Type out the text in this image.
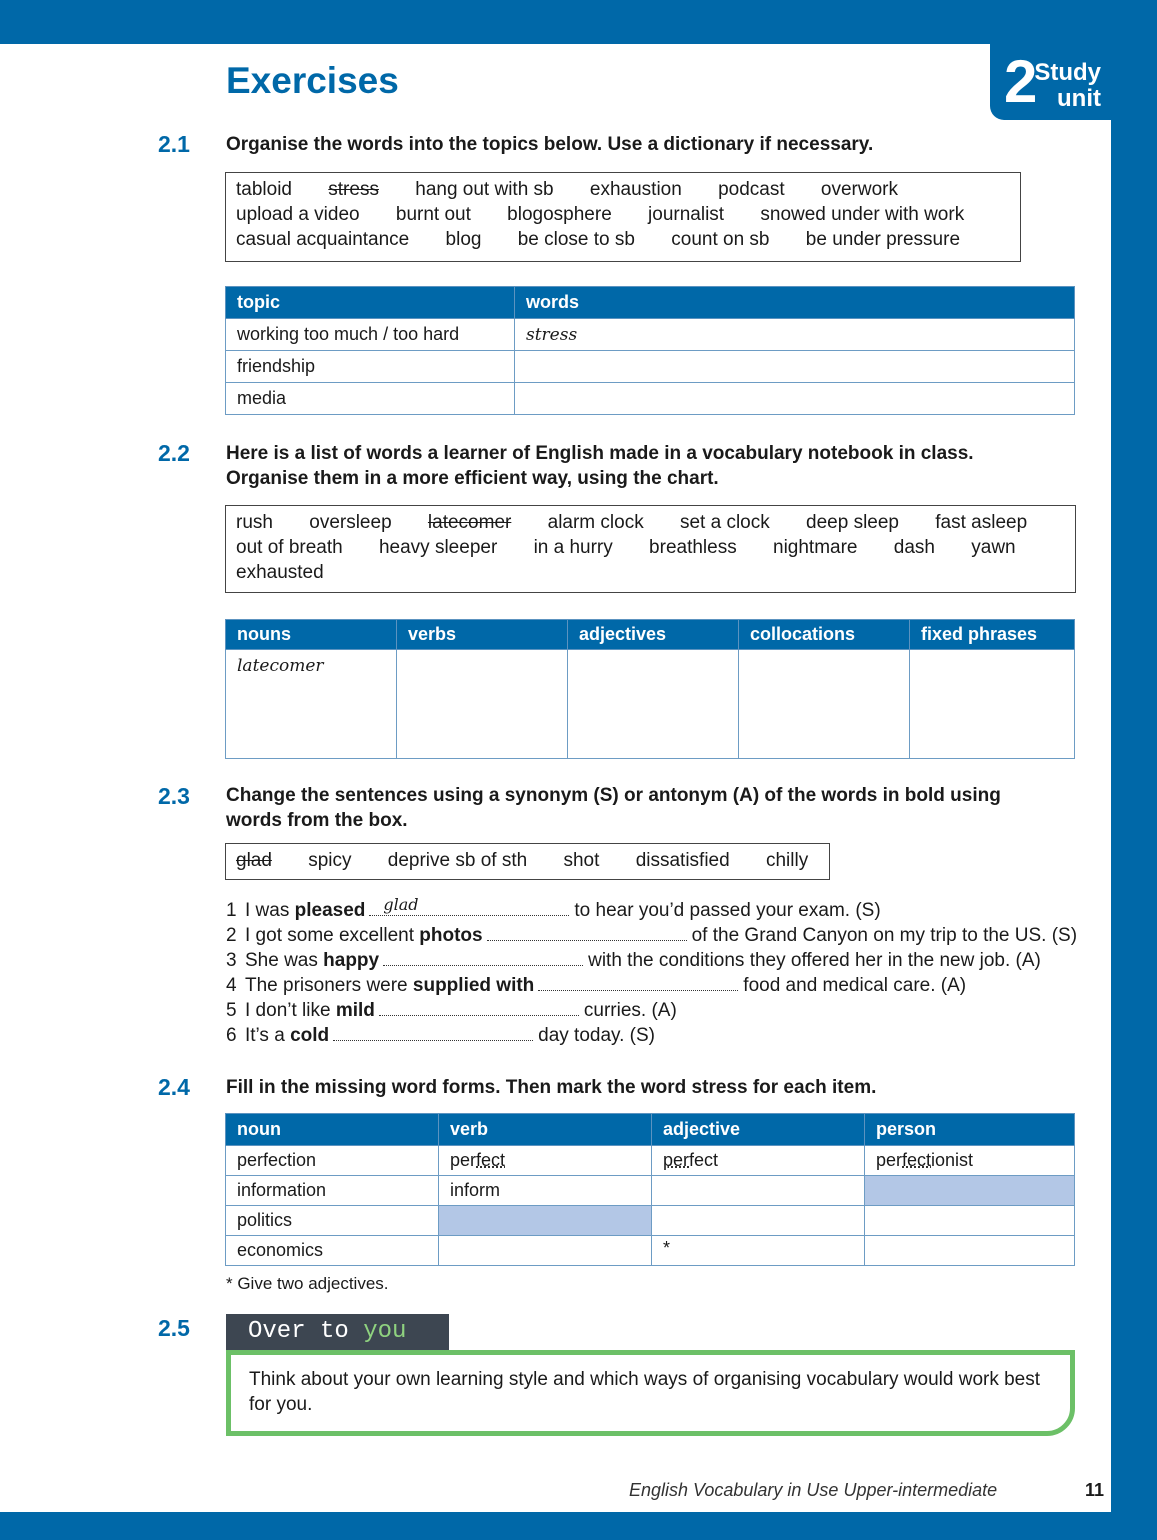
2
Study
unit
Exercises
2.1 Organise the words into the topics below. Use a dictionary if necessary.
tabloid stress hang out with sb exhaustion podcast overwork
upload a video burnt out blogosphere journalist snowed under with work
casual acquaintance blog be close to sb count on sb be under pressure
topic	words
working too much / too hard	stress
friendship	
media	
2.2 Here is a list of words a learner of English made in a vocabulary notebook in class.
Organise them in a more efficient way, using the chart.
rush oversleep latecomer alarm clock set a clock deep sleep fast asleep
out of breath heavy sleeper in a hurry breathless nightmare dash yawn
exhausted
nouns	verbs	adjectives	collocations	fixed phrases
latecomer				
2.3 Change the sentences using a synonym (S) or antonym (A) of the words in bold using
words from the box.
glad spicy deprive sb of sth shot dissatisfied chilly
1 I was pleased glad	to hear you’d passed your exam. (S)
2 I got some excellent photos	of the Grand Canyon on my trip to the US. (S)
3 She was happy	with the conditions they offered her in the new job. (A)
4 The prisoners were supplied with	food and medical care. (A)
5 I don’t like mild	curries. (A)
6 It’s a cold	day today. (S)
2.4 Fill in the missing word forms. Then mark the word stress for each item.
noun	verb	adjective	person
perfection	perfect	perfect	perfectionist
information	inform		
politics			
economics		*	
* Give two adjectives.
2.5	Over to you
Think about your own learning style and which ways of organising vocabulary would work best
for you.
English Vocabulary in Use Upper-intermediate	11
